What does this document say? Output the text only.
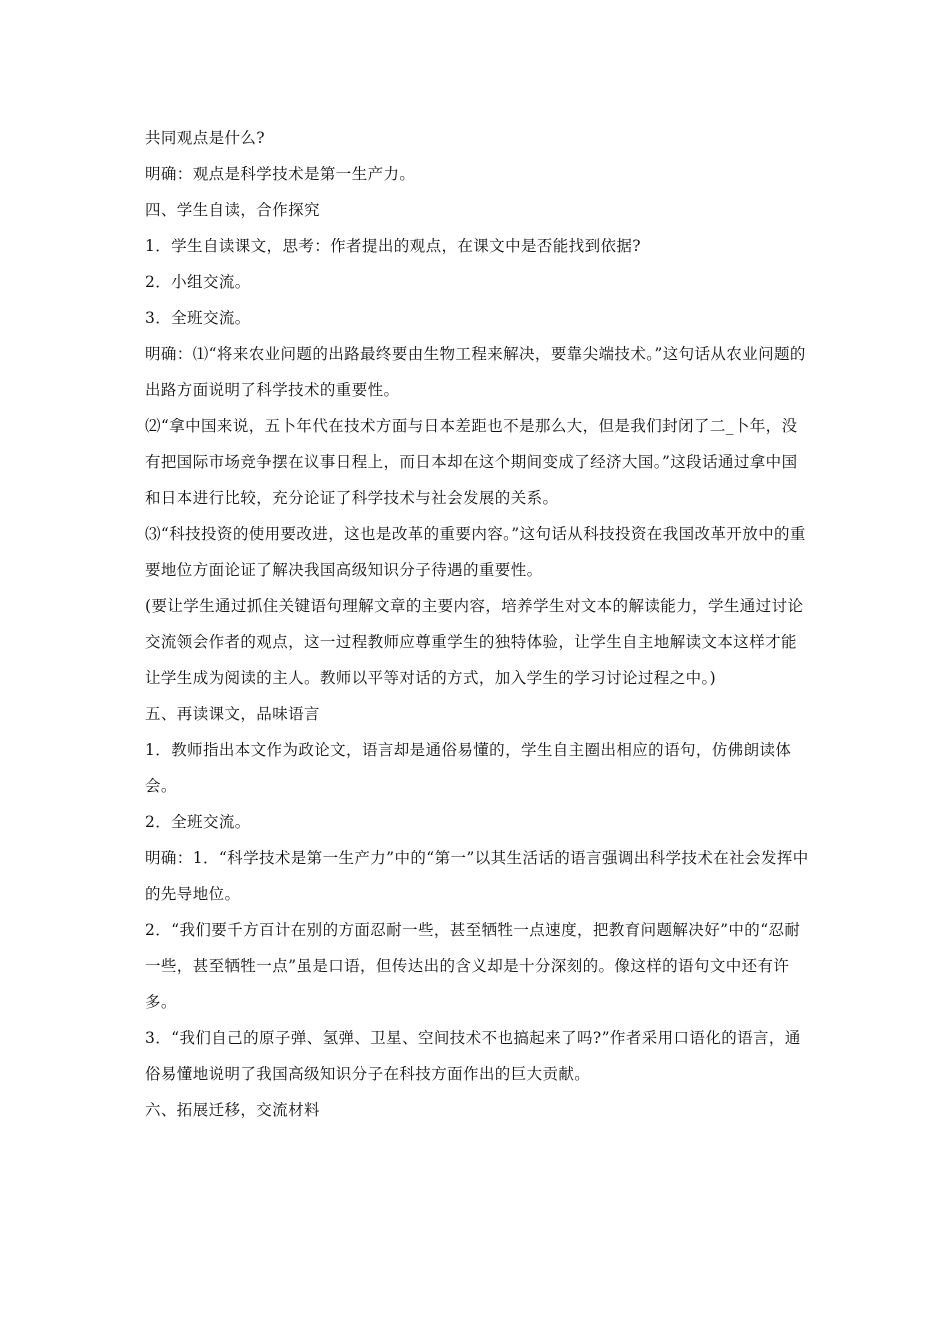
共同观点是什么?

明确：观点是科学技术是第一生产力。

四、学生自读，合作探究

1．学生自读课文，思考：作者提出的观点，在课文中是否能找到依据?

2．小组交流。

3．全班交流。

明确：⑴“将来农业问题的出路最终要由生物工程来解决，要靠尖端技术。”这句话从农业问题的出路方面说明了科学技术的重要性。

⑵“拿中国来说，五卜年代在技术方面与日本差距也不是那么大，但是我们封闭了二_卜年，没有把国际市场竞争摆在议事日程上，而日本却在这个期间变成了经济大国。”这段话通过拿中国和日本进行比较，充分论证了科学技术与社会发展的关系。

⑶“科技投资的使用要改进，这也是改革的重要内容。”这句话从科技投资在我国改革开放中的重要地位方面论证了解决我国高级知识分子待遇的重要性。

(要让学生通过抓住关键语句理解文章的主要内容，培养学生对文本的解读能力，学生通过讨论交流领会作者的观点，这一过程教师应尊重学生的独特体验，让学生自主地解读文本这样才能让学生成为阅读的主人。教师以平等对话的方式，加入学生的学习讨论过程之中。)

五、再读课文，品味语言

1．教师指出本文作为政论文，语言却是通俗易懂的，学生自主圈出相应的语句，仿佛朗读体会。

2．全班交流。

明确：1．“科学技术是第一生产力”中的“第一”以其生活话的语言强调出科学技术在社会发挥中的先导地位。

2．“我们要千方百计在别的方面忍耐一些，甚至牺牲一点速度，把教育问题解决好”中的“忍耐一些，甚至牺牲一点”虽是口语，但传达出的含义却是十分深刻的。像这样的语句文中还有许多。

3．“我们自己的原子弹、氢弹、卫星、空间技术不也搞起来了吗?”作者采用口语化的语言，通俗易懂地说明了我国高级知识分子在科技方面作出的巨大贡献。

六、拓展迁移，交流材料
